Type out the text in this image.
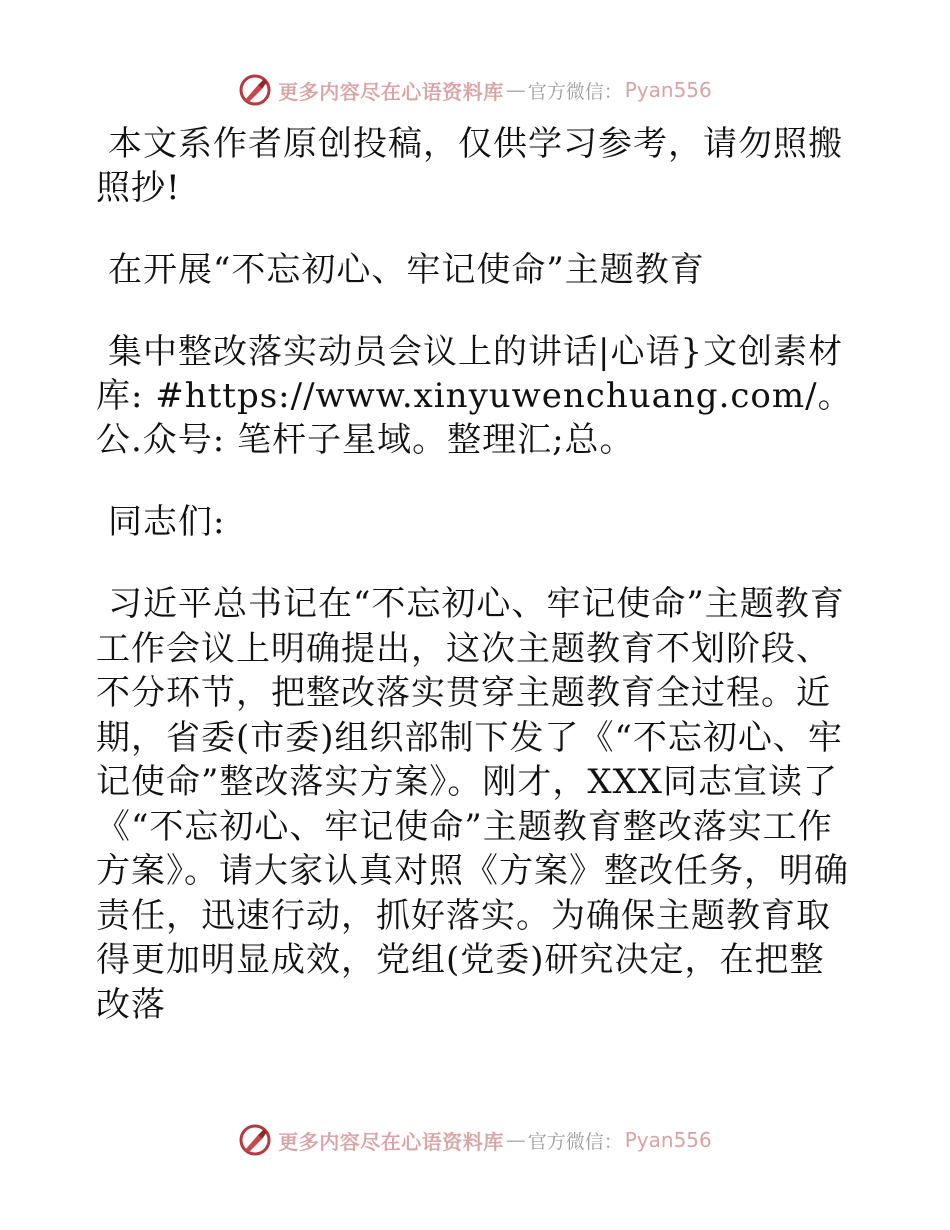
更多内容尽在心语资料库 — 官方微信： Pyan556

本文系作者原创投稿，仅供学习参考，请勿照搬照抄!

在开展“不忘初心、牢记使命”主题教育

集中整改落实动员会议上的讲话|心语}文创素材库: #https://www.xinyuwenchuang.com/。公.众号: 笔杆子星域。整理汇;总。

同志们:

习近平总书记在“不忘初心、牢记使命”主题教育工作会议上明确提出，这次主题教育不划阶段、不分环节，把整改落实贯穿主题教育全过程。近期，省委(市委)组织部制下发了《“不忘初心、牢记使命”整改落实方案》。刚才，XXX同志宣读了《“不忘初心、牢记使命”主题教育整改落实工作方案》。请大家认真对照《方案》整改任务，明确责任，迅速行动，抓好落实。为确保主题教育取得更加明显成效，党组(党委)研究决定，在把整改落

更多内容尽在心语资料库 — 官方微信： Pyan556
